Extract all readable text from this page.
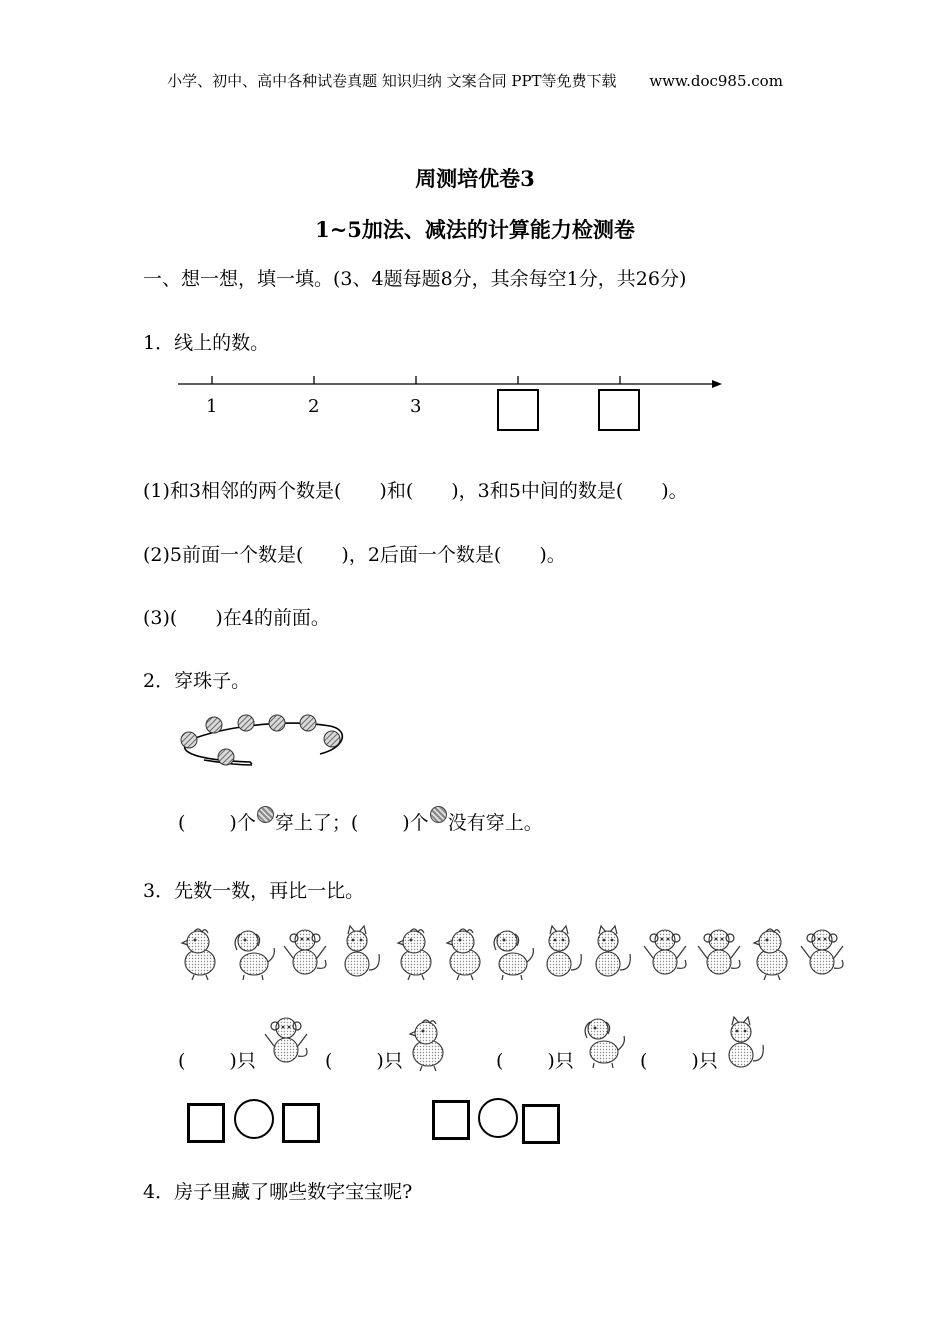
小学、初中、高中各种试卷真题 知识归纳 文案合同 PPT等免费下载 www.doc985.com
周测培优卷3
1~5加法、减法的计算能力检测卷
一、想一想，填一填。(3、4题每题8分，其余每空1分，共26分)
1．线上的数。
1	2	3
(1)和3相邻的两个数是(　　)和(　　)，3和5中间的数是(　　)。
(2)5前面一个数是(　　)，2后面一个数是(　　)。
(3)(　　)在4的前面。
2．穿珠子。
( )个 穿上了；( )个 没有穿上。
3．先数一数，再比一比。
( )只	( )只	( )只	( )只
4．房子里藏了哪些数字宝宝呢?
